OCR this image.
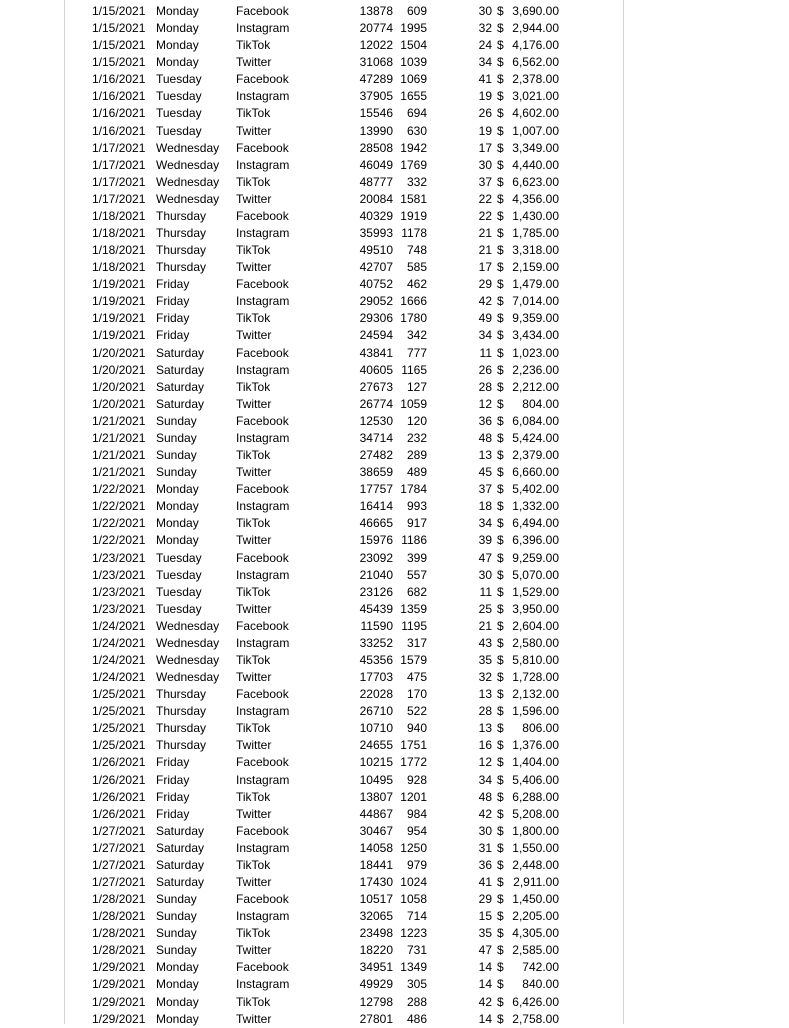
1/15/2021 Monday	Facebook	13878 609	30 $ 3,690.00
1/15/2021 Monday	Instagram	20774 1995	32 $ 2,944.00
1/15/2021 Monday	TikTok	12022 1504	24 $ 4,176.00
1/15/2021 Monday	Twitter	31068 1039	34 $ 6,562.00
1/16/2021 Tuesday	Facebook	47289 1069	41 $ 2,378.00
1/16/2021 Tuesday	Instagram	37905 1655	19 $ 3,021.00
1/16/2021 Tuesday	TikTok	15546 694	26 $ 4,602.00
1/16/2021 Tuesday	Twitter	13990 630	19 $ 1,007.00
1/17/2021 Wednesday Facebook	28508 1942	17 $ 3,349.00
1/17/2021 Wednesday Instagram	46049 1769	30 $ 4,440.00
1/17/2021 Wednesday TikTok	48777 332	37 $ 6,623.00
1/17/2021 Wednesday Twitter	20084 1581	22 $ 4,356.00
1/18/2021 Thursday Facebook	40329 1919	22 $ 1,430.00
1/18/2021 Thursday Instagram	35993 1178	21 $ 1,785.00
1/18/2021 Thursday TikTok	49510 748	21 $ 3,318.00
1/18/2021 Thursday Twitter	42707 585	17 $ 2,159.00
1/19/2021 Friday	Facebook	40752 462	29 $ 1,479.00
1/19/2021 Friday	Instagram	29052 1666	42 $ 7,014.00
1/19/2021 Friday	TikTok	29306 1780	49 $ 9,359.00
1/19/2021 Friday	Twitter	24594 342	34 $ 3,434.00
1/20/2021 Saturday	Facebook	43841 777	11 $ 1,023.00
1/20/2021 Saturday	Instagram	40605 1165	26 $ 2,236.00
1/20/2021 Saturday	TikTok	27673 127	28 $ 2,212.00
1/20/2021 Saturday	Twitter	26774 1059	12 $ 804.00
1/21/2021 Sunday	Facebook	12530 120	36 $ 6,084.00
1/21/2021 Sunday	Instagram	34714 232	48 $ 5,424.00
1/21/2021 Sunday	TikTok	27482 289	13 $ 2,379.00
1/21/2021 Sunday	Twitter	38659 489	45 $ 6,660.00
1/22/2021 Monday	Facebook	17757 1784	37 $ 5,402.00
1/22/2021 Monday	Instagram	16414 993	18 $ 1,332.00
1/22/2021 Monday	TikTok	46665 917	34 $ 6,494.00
1/22/2021 Monday	Twitter	15976 1186	39 $ 6,396.00
1/23/2021 Tuesday	Facebook	23092 399	47 $ 9,259.00
1/23/2021 Tuesday	Instagram	21040 557	30 $ 5,070.00
1/23/2021 Tuesday	TikTok	23126 682	11 $ 1,529.00
1/23/2021 Tuesday	Twitter	45439 1359	25 $ 3,950.00
1/24/2021 Wednesday Facebook	11590 1195	21 $ 2,604.00
1/24/2021 Wednesday Instagram	33252 317	43 $ 2,580.00
1/24/2021 Wednesday TikTok	45356 1579	35 $ 5,810.00
1/24/2021 Wednesday Twitter	17703 475	32 $ 1,728.00
1/25/2021 Thursday Facebook	22028 170	13 $ 2,132.00
1/25/2021 Thursday Instagram	26710 522	28 $ 1,596.00
1/25/2021 Thursday TikTok	10710 940	13 $ 806.00
1/25/2021 Thursday Twitter	24655 1751	16 $ 1,376.00
1/26/2021 Friday	Facebook	10215 1772	12 $ 1,404.00
1/26/2021 Friday	Instagram	10495 928	34 $ 5,406.00
1/26/2021 Friday	TikTok	13807 1201	48 $ 6,288.00
1/26/2021 Friday	Twitter	44867 984	42 $ 5,208.00
1/27/2021 Saturday	Facebook	30467 954	30 $ 1,800.00
1/27/2021 Saturday	Instagram	14058 1250	31 $ 1,550.00
1/27/2021 Saturday	TikTok	18441 979	36 $ 2,448.00
1/27/2021 Saturday	Twitter	17430 1024	41 $ 2,911.00
1/28/2021 Sunday	Facebook	10517 1058	29 $ 1,450.00
1/28/2021 Sunday	Instagram	32065 714	15 $ 2,205.00
1/28/2021 Sunday	TikTok	23498 1223	35 $ 4,305.00
1/28/2021 Sunday	Twitter	18220 731	47 $ 2,585.00
1/29/2021 Monday	Facebook	34951 1349	14 $ 742.00
1/29/2021 Monday	Instagram	49929 305	14 $ 840.00
1/29/2021 Monday	TikTok	12798 288	42 $ 6,426.00
1/29/2021 Monday	Twitter	27801 486	14 $ 2,758.00
